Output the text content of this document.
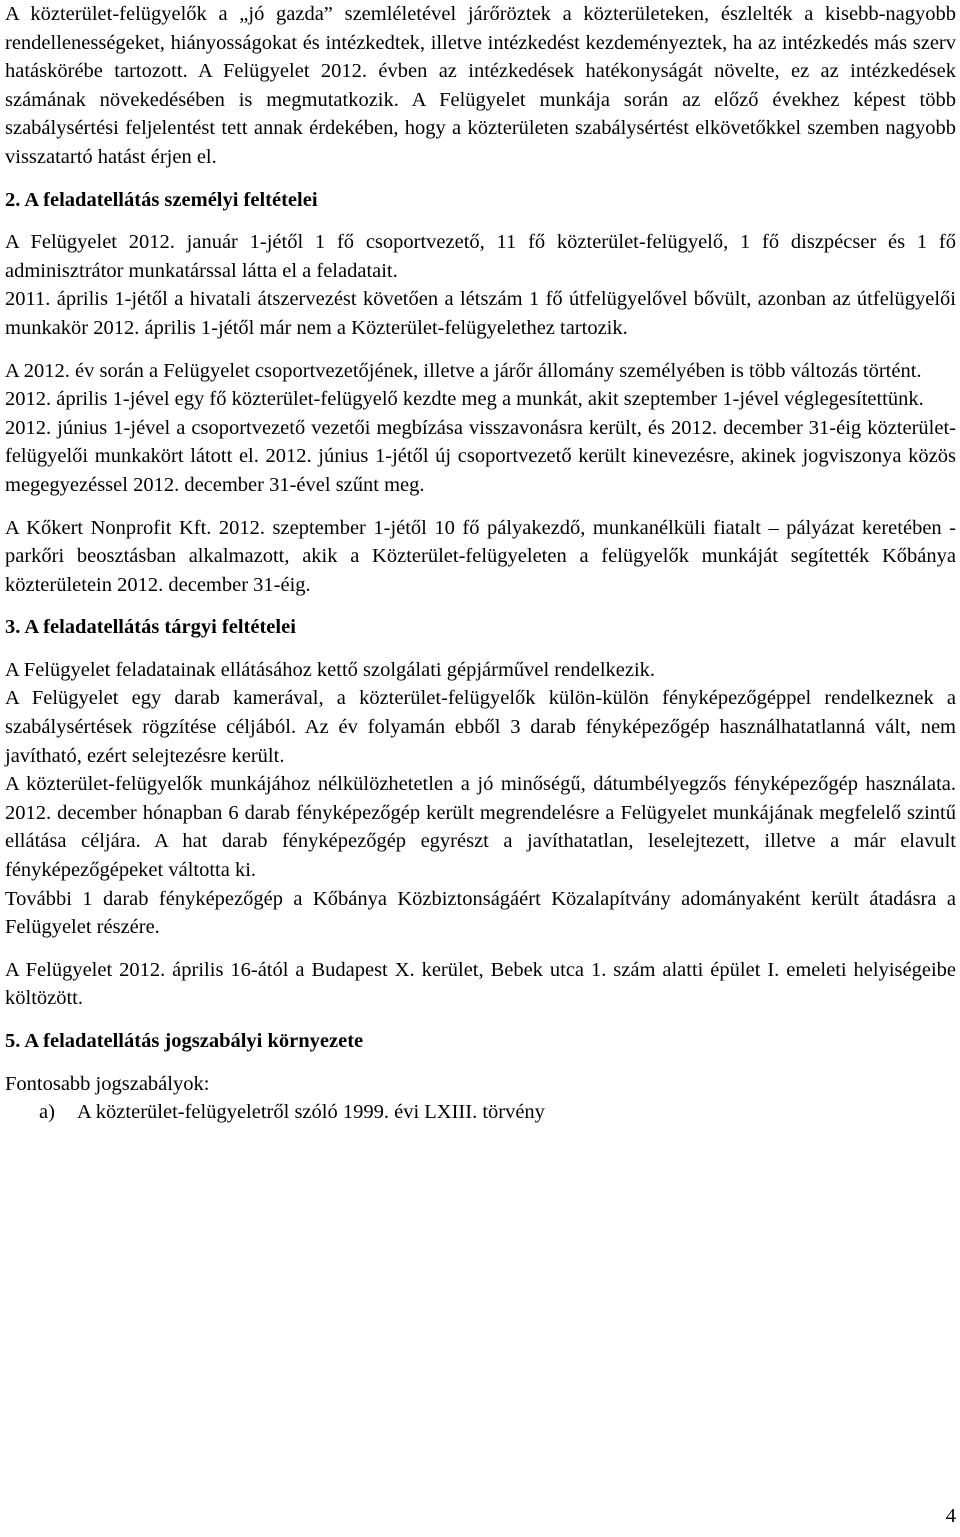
A közterület-felügyelők a „jó gazda” szemléletével járőröztek a közterületeken, észlelték a kisebb-nagyobb rendellenességeket, hiányosságokat és intézkedtek, illetve intézkedést kezdeményeztek, ha az intézkedés más szerv hatáskörébe tartozott. A Felügyelet 2012. évben az intézkedések hatékonyságát növelte, ez az intézkedések számának növekedésében is megmutatkozik. A Felügyelet munkája során az előző évekhez képest több szabálysértési feljelentést tett annak érdekében, hogy a közterületen szabálysértést elkövetőkkel szemben nagyobb visszatartó hatást érjen el.

2. A feladatellátás személyi feltételei

A Felügyelet 2012. január 1-jétől 1 fő csoportvezető, 11 fő közterület-felügyelő, 1 fő diszpécser és 1 fő adminisztrátor munkatárssal látta el a feladatait.

2011. április 1-jétől a hivatali átszervezést követően a létszám 1 fő útfelügyelővel bővült, azonban az útfelügyelői munkakör 2012. április 1-jétől már nem a Közterület-felügyelethez tartozik.

A 2012. év során a Felügyelet csoportvezetőjének, illetve a járőr állomány személyében is több változás történt.

2012. április 1-jével egy fő közterület-felügyelő kezdte meg a munkát, akit szeptember 1-jével véglegesítettünk.

2012. június 1-jével a csoportvezető vezetői megbízása visszavonásra került, és 2012. december 31-éig közterület-felügyelői munkakört látott el. 2012. június 1-jétől új csoportvezető került kinevezésre, akinek jogviszonya közös megegyezéssel 2012. december 31-ével szűnt meg.

A Kőkert Nonprofit Kft. 2012. szeptember 1-jétől 10 fő pályakezdő, munkanélküli fiatalt – pályázat keretében - parkőri beosztásban alkalmazott, akik a Közterület-felügyeleten a felügyelők munkáját segítették Kőbánya közterületein 2012. december 31-éig.

3. A feladatellátás tárgyi feltételei

A Felügyelet feladatainak ellátásához kettő szolgálati gépjárművel rendelkezik.

A Felügyelet egy darab kamerával, a közterület-felügyelők külön-külön fényképezőgéppel rendelkeznek a szabálysértések rögzítése céljából. Az év folyamán ebből 3 darab fényképezőgép használhatatlanná vált, nem javítható, ezért selejtezésre került.

A közterület-felügyelők munkájához nélkülözhetetlen a jó minőségű, dátumbélyegzős fényképezőgép használata. 2012. december hónapban 6 darab fényképezőgép került megrendelésre a Felügyelet munkájának megfelelő szintű ellátása céljára. A hat darab fényképezőgép egyrészt a javíthatatlan, leselejtezett, illetve a már elavult fényképezőgépeket váltotta ki.

További 1 darab fényképezőgép a Kőbánya Közbiztonságáért Közalapítvány adományaként került átadásra a Felügyelet részére.

A Felügyelet 2012. április 16-ától a Budapest X. kerület, Bebek utca 1. szám alatti épület I. emeleti helyiségeibe költözött.

5. A feladatellátás jogszabályi környezete

Fontosabb jogszabályok:

a)	A közterület-felügyeletről szóló 1999. évi LXIII. törvény
4
